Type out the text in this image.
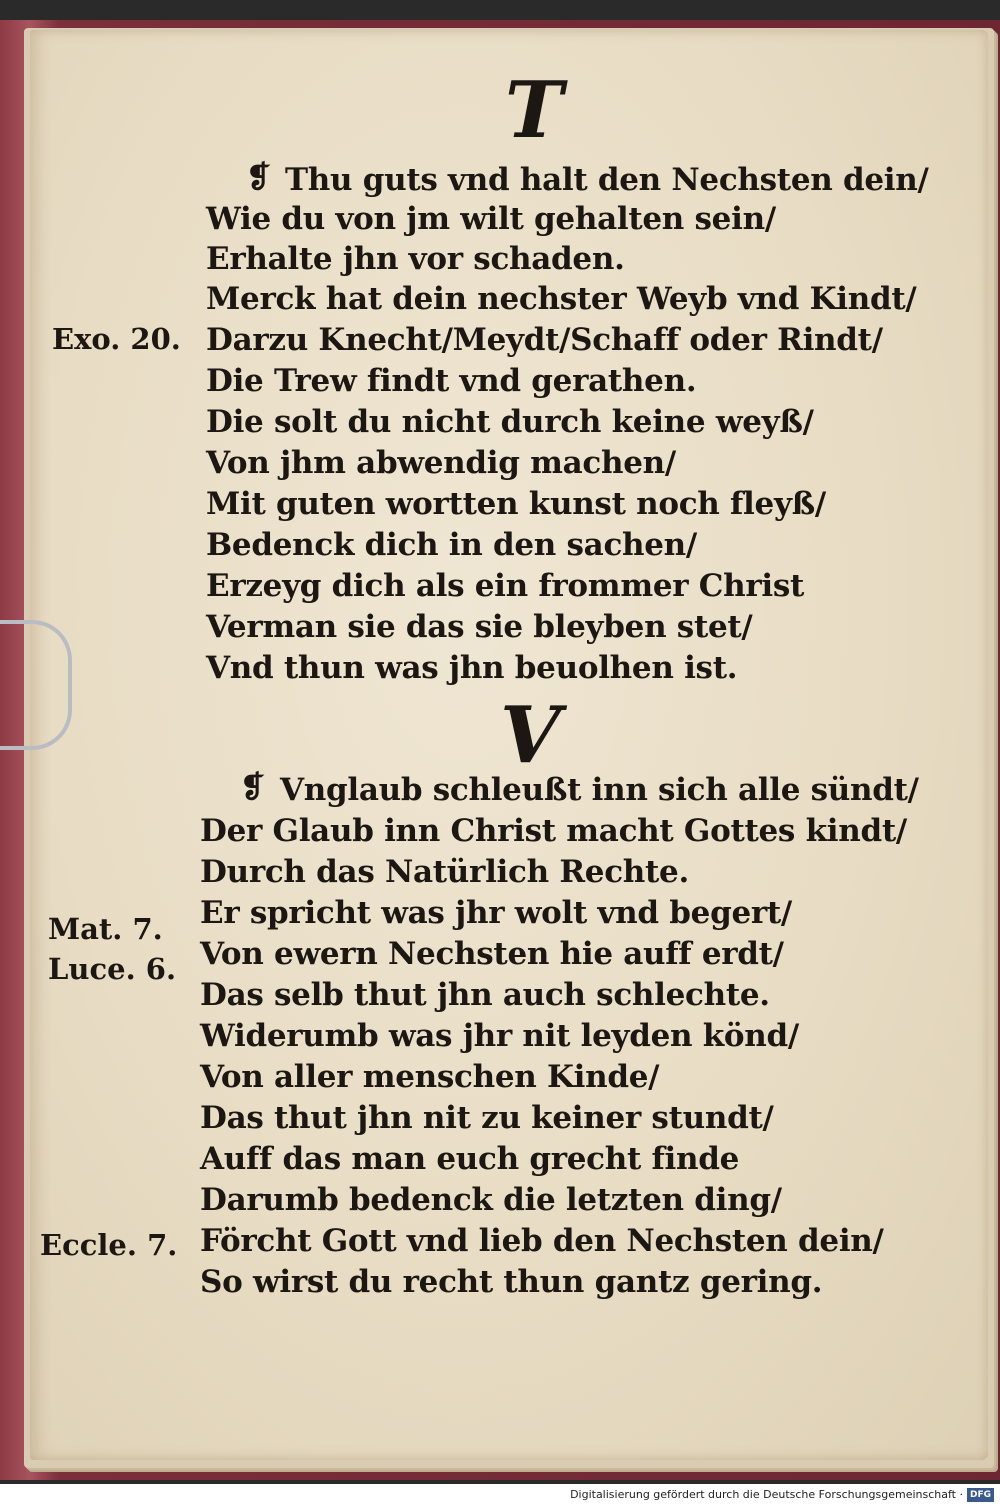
T
❡ Thu guts vnd halt den Nechsten dein/
Wie du von jm wilt gehalten sein/
Erhalte jhn vor schaden.
Merck hat dein nechster Weyb vnd Kindt/
Darzu Knecht/Meydt/Schaff oder Rindt/
Die Trew findt vnd gerathen.
Die solt du nicht durch keine weyß/
Von jhm abwendig machen/
Mit guten wortten kunst noch fleyß/
Bedenck dich in den sachen/
Erzeyg dich als ein frommer Christ
Verman sie das sie bleyben stet/
Vnd thun was jhn beuolhen ist.
Exo. 20.
V
❡ Vnglaub schleußt inn sich alle sündt/
Der Glaub inn Christ macht Gottes kindt/
Durch das Natürlich Rechte.
Er spricht was jhr wolt vnd begert/
Von ewern Nechsten hie auff erdt/
Das selb thut jhn auch schlechte.
Widerumb was jhr nit leyden könd/
Von aller menschen Kinde/
Das thut jhn nit zu keiner stundt/
Auff das man euch grecht finde
Darumb bedenck die letzten ding/
Förcht Gott vnd lieb den Nechsten dein/
So wirst du recht thun gantz gering.
Mat. 7.
Luce. 6.
Eccle. 7.
Digitalisierung gefördert durch die Deutsche Forschungsgemeinschaft · DFG
